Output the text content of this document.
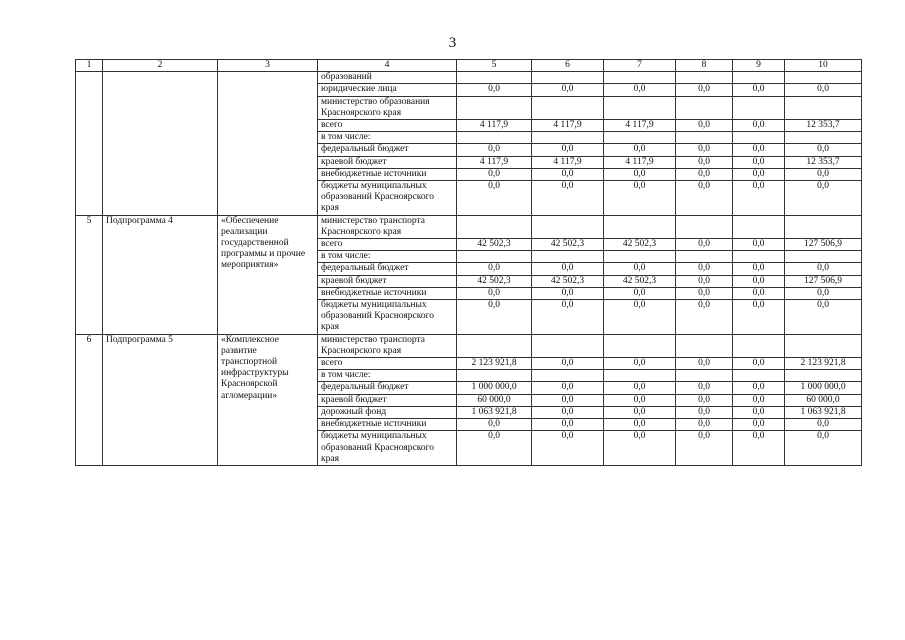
3
1	2	3	4	5	6	7	8	9	10
			образований						
			юридические лица	0,0	0,0	0,0	0,0	0,0	0,0
			министерство образования Красноярского края						
			всего	4 117,9	4 117,9	4 117,9	0,0	0,0	12 353,7
			в том числе:						
			федеральный бюджет	0,0	0,0	0,0	0,0	0,0	0,0
			краевой бюджет	4 117,9	4 117,9	4 117,9	0,0	0,0	12 353,7
			внебюджетные источники	0,0	0,0	0,0	0,0	0,0	0,0
			бюджеты муниципальных образований Красноярского края	0,0	0,0	0,0	0,0	0,0	0,0
5	Подпрограмма 4	«Обеспечение реализации государственной программы и прочие мероприятия»	министерство транспорта Красноярского края						
			всего	42 502,3	42 502,3	42 502,3	0,0	0,0	127 506,9
			в том числе:						
			федеральный бюджет	0,0	0,0	0,0	0,0	0,0	0,0
			краевой бюджет	42 502,3	42 502,3	42 502,3	0,0	0,0	127 506,9
			внебюджетные источники	0,0	0,0	0,0	0,0	0,0	0,0
			бюджеты муниципальных образований Красноярского края	0,0	0,0	0,0	0,0	0,0	0,0
6	Подпрограмма 5	«Комплексное развитие транспортной инфраструктуры Красноярской агломерации»	министерство транспорта Красноярского края						
			всего	2 123 921,8	0,0	0,0	0,0	0,0	2 123 921,8
			в том числе:						
			федеральный бюджет	1 000 000,0	0,0	0,0	0,0	0,0	1 000 000,0
			краевой бюджет	60 000,0	0,0	0,0	0,0	0,0	60 000,0
			дорожный фонд	1 063 921,8	0,0	0,0	0,0	0,0	1 063 921,8
			внебюджетные источники	0,0	0,0	0,0	0,0	0,0	0,0
			бюджеты муниципальных образований Красноярского края	0,0	0,0	0,0	0,0	0,0	0,0
